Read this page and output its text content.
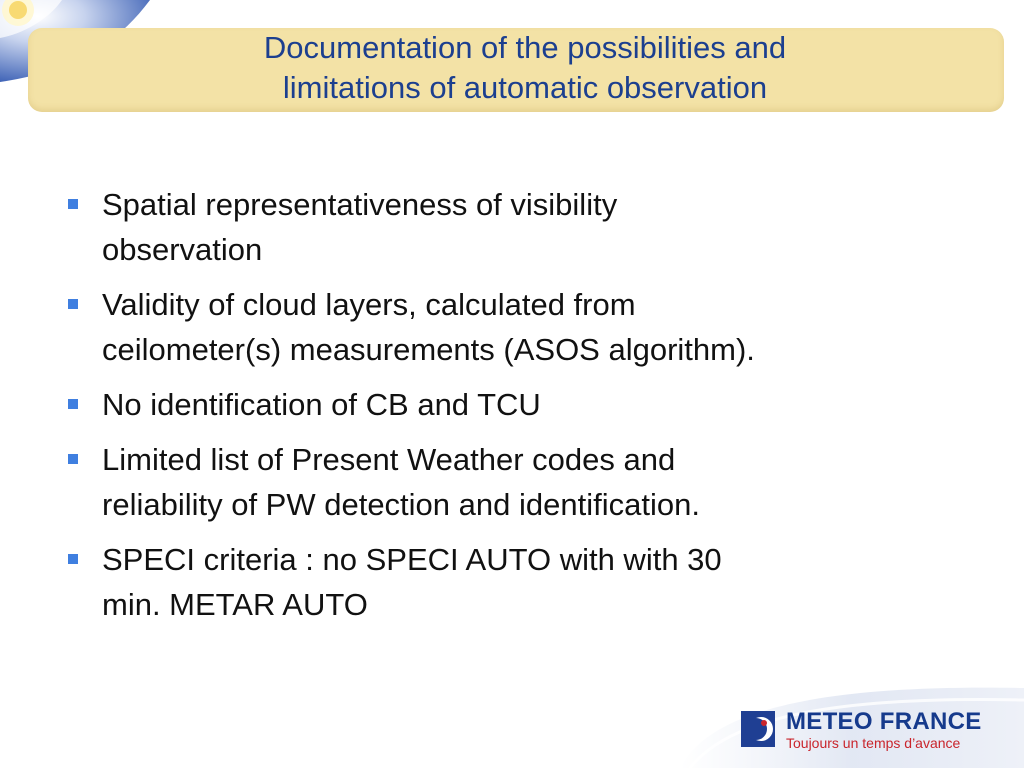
Documentation of the possibilities and
limitations of automatic observation
Spatial representativeness of visibility
observation
Validity of cloud layers, calculated from
ceilometer(s) measurements (ASOS algorithm).
No identification of CB and TCU
Limited list of Present Weather codes and
reliability of PW detection and identification.
SPECI criteria : no SPECI AUTO with with 30
min. METAR AUTO
METEO FRANCE
Toujours un temps d’avance
